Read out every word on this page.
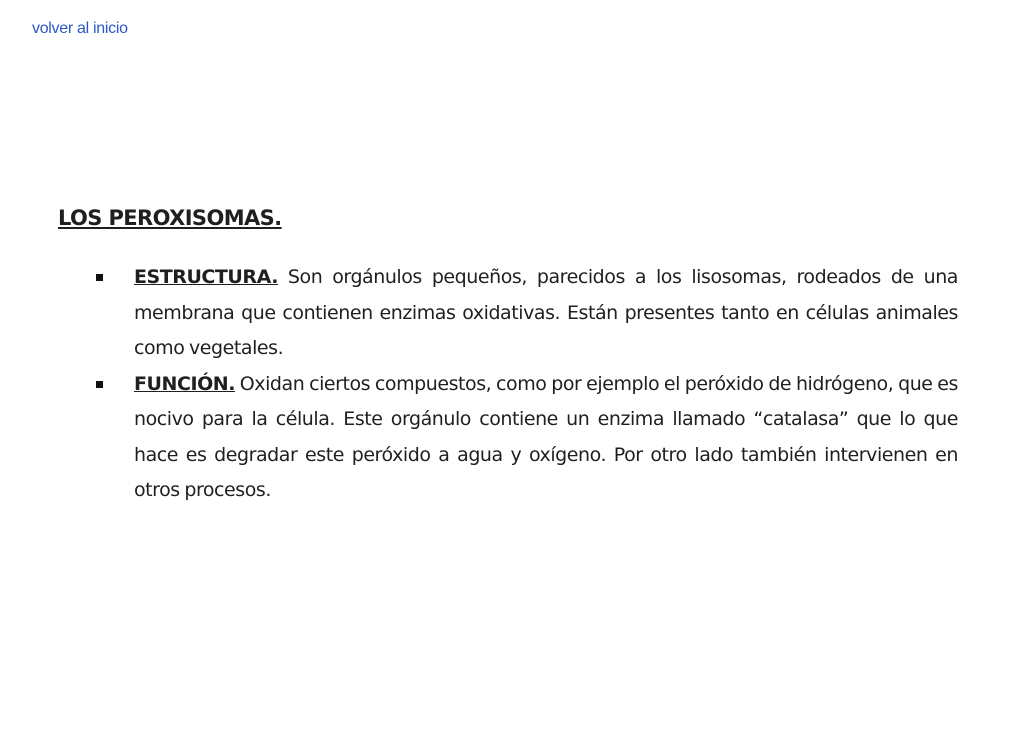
volver al inicio
LOS PEROXISOMAS.
ESTRUCTURA. Son orgánulos pequeños, parecidos a los lisosomas, rodeados de una membrana que contienen enzimas oxidativas. Están presentes tanto en células animales como vegetales.
FUNCIÓN. Oxidan ciertos compuestos, como por ejemplo el peróxido de hidrógeno, que es nocivo para la célula. Este orgánulo contiene un enzima llamado “catalasa” que lo que hace es degradar este peróxido a agua y oxígeno. Por otro lado también intervienen en otros procesos.
